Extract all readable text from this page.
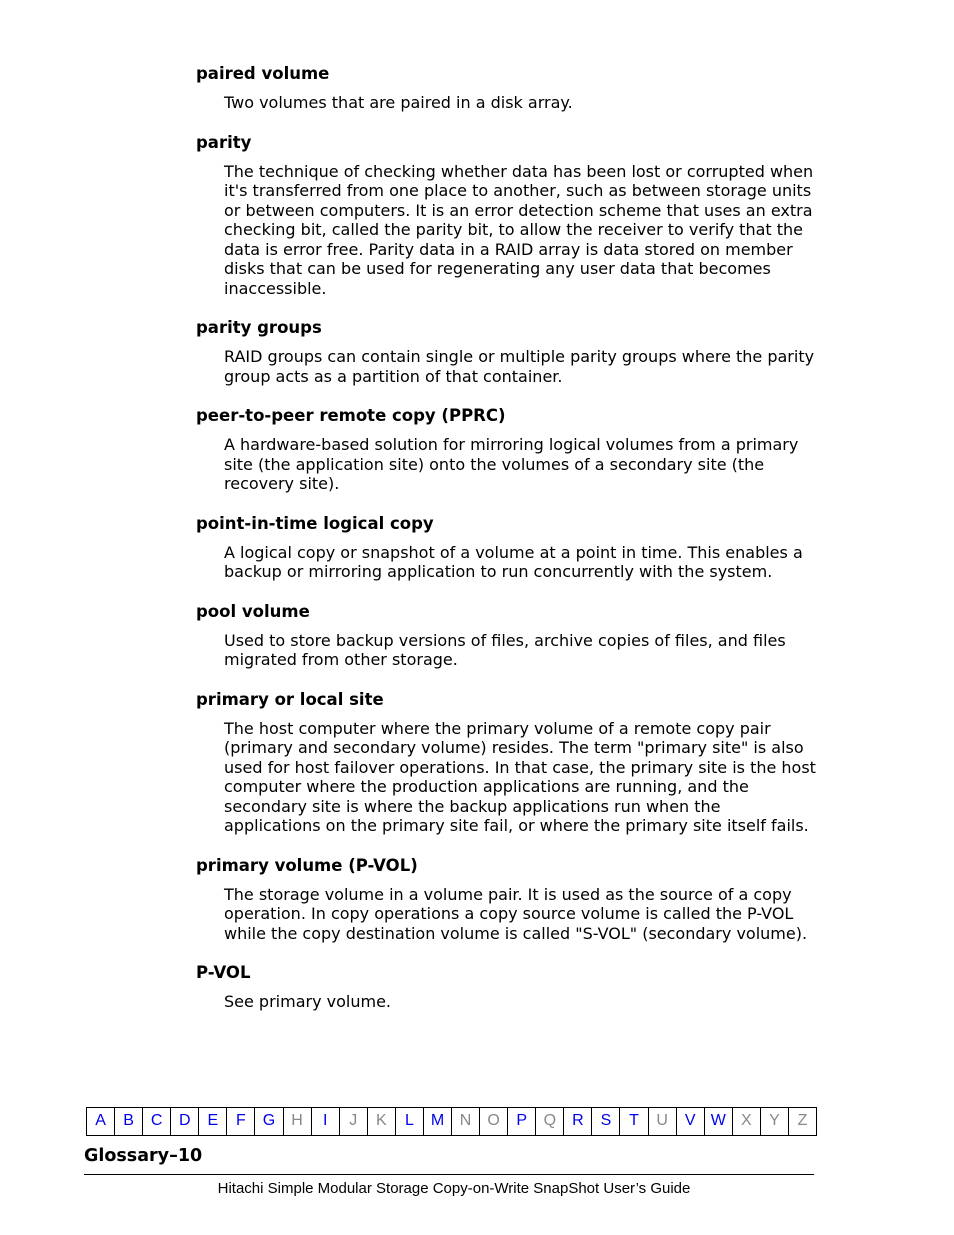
paired volume
Two volumes that are paired in a disk array.
parity
The technique of checking whether data has been lost or corrupted when it's transferred from one place to another, such as between storage units or between computers. It is an error detection scheme that uses an extra checking bit, called the parity bit, to allow the receiver to verify that the data is error free. Parity data in a RAID array is data stored on member disks that can be used for regenerating any user data that becomes inaccessible.
parity groups
RAID groups can contain single or multiple parity groups where the parity group acts as a partition of that container.
peer-to-peer remote copy (PPRC)
A hardware-based solution for mirroring logical volumes from a primary site (the application site) onto the volumes of a secondary site (the recovery site).
point-in-time logical copy
A logical copy or snapshot of a volume at a point in time. This enables a backup or mirroring application to run concurrently with the system.
pool volume
Used to store backup versions of files, archive copies of files, and files migrated from other storage.
primary or local site
The host computer where the primary volume of a remote copy pair (primary and secondary volume) resides. The term "primary site" is also used for host failover operations. In that case, the primary site is the host computer where the production applications are running, and the secondary site is where the backup applications run when the applications on the primary site fail, or where the primary site itself fails.
primary volume (P-VOL)
The storage volume in a volume pair. It is used as the source of a copy operation. In copy operations a copy source volume is called the P-VOL while the copy destination volume is called "S-VOL" (secondary volume).
P-VOL
See primary volume.
A	B	C	D	E	F	G	H	I	J	K	L	M N	O	P	Q	R	S	T	U	V W X	Y	Z
Glossary–10
Hitachi Simple Modular Storage Copy-on-Write SnapShot User’s Guide
